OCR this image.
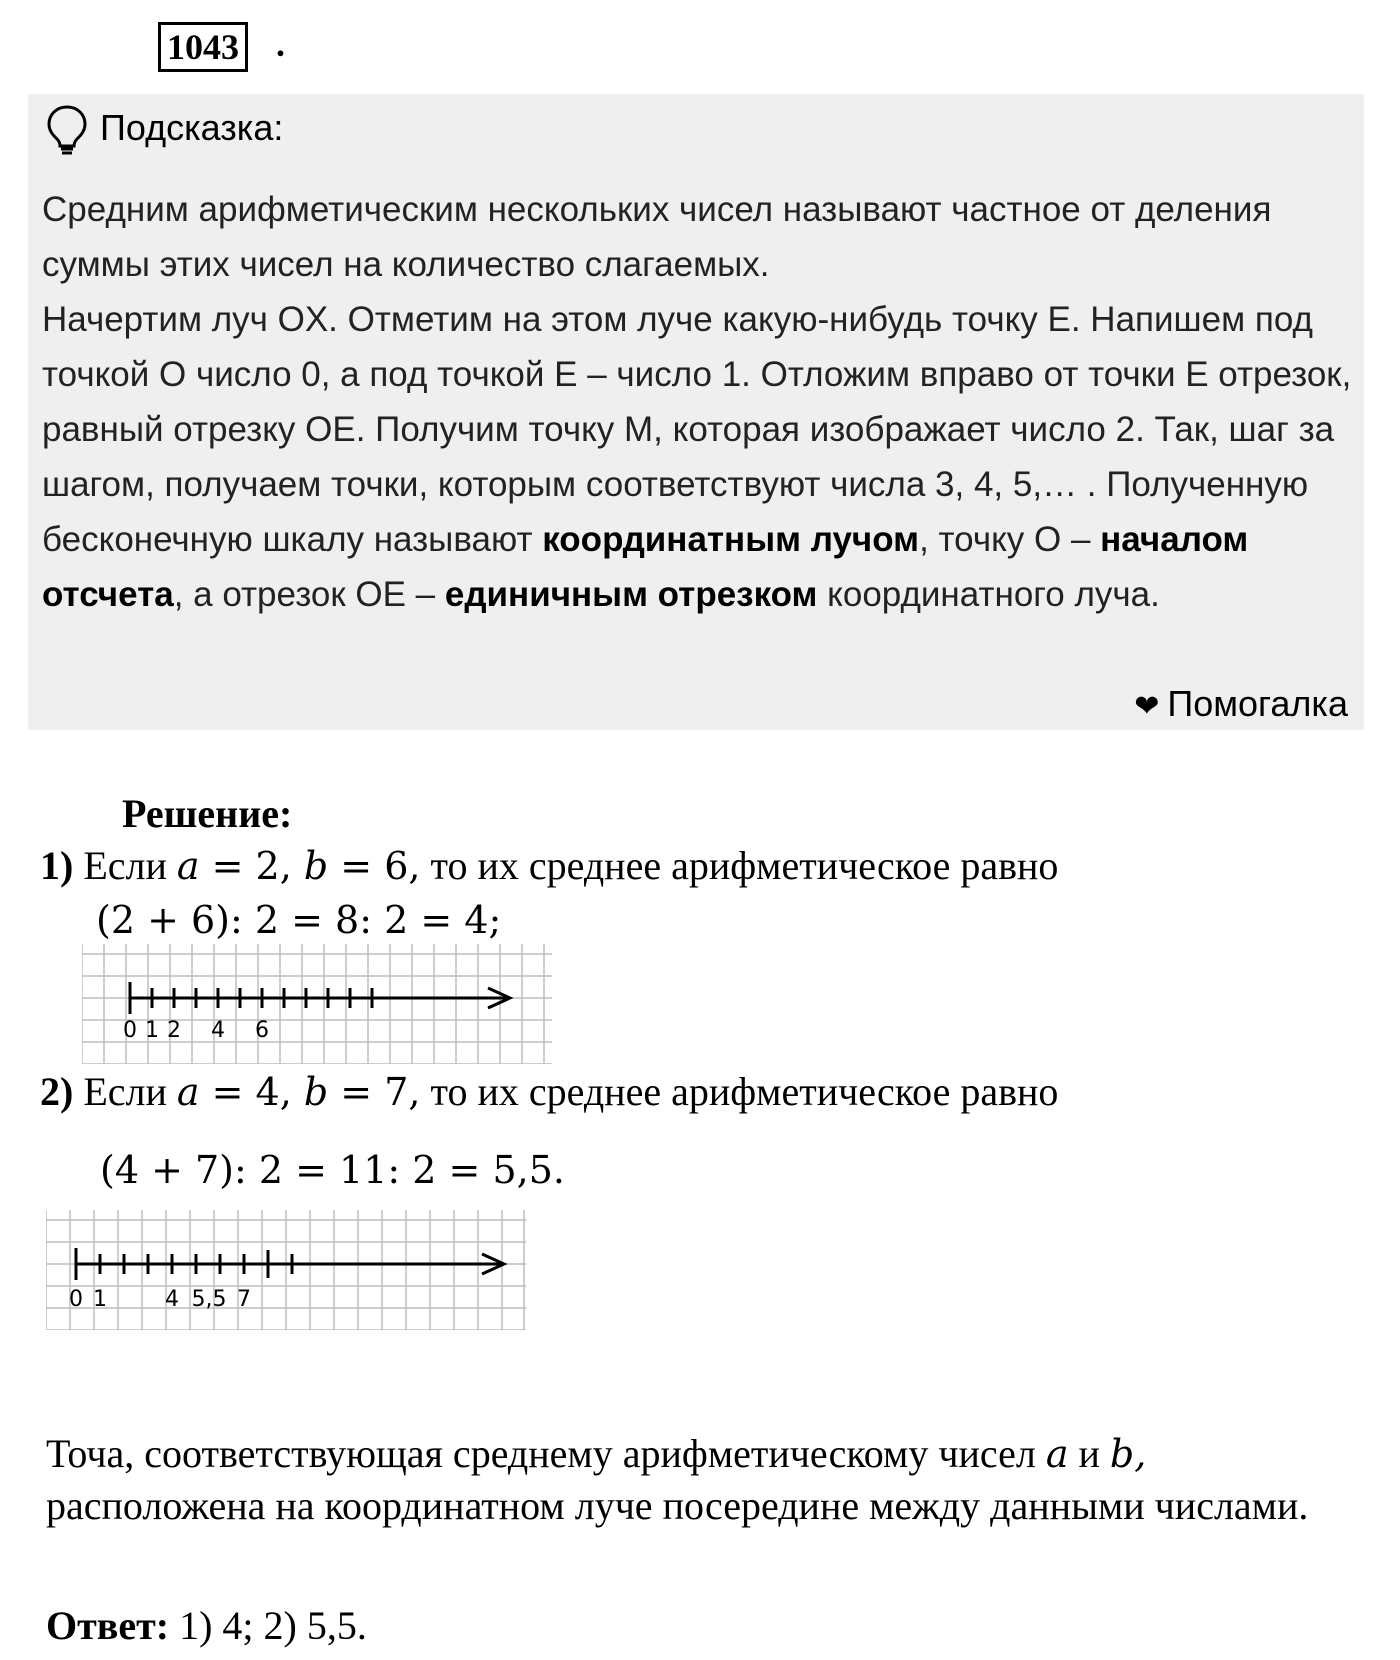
1043 .
Подсказка:

Средним арифметическим нескольких чисел называют частное от деления суммы этих чисел на количество слагаемых.

Начертим луч OX. Отметим на этом луче какую-нибудь точку E. Напишем под точкой O число 0, а под точкой E – число 1. Отложим вправо от точки E отрезок, равный отрезку OE. Получим точку M, которая изображает число 2. Так, шаг за шагом, получаем точки, которым соответствуют числа 3, 4, 5,… . Полученную бесконечную шкалу называют координатным лучом, точку O – началом отсчета, а отрезок OE – единичным отрезком координатного луча.

❤ Помогалка
Решение:
1) Если a = 2, b = 6, то их среднее арифметическое равно
(2 + 6): 2 = 8: 2 = 4;
0 1 2 4 6
2) Если a = 4, b = 7, то их среднее арифметическое равно
(4 + 7): 2 = 11: 2 = 5,5.
0 1	4 5,5 7
Точа, соответствующая среднему арифметическому чисел a и b, расположена на координатном луче посередине между данными числами.
Ответ: 1) 4; 2) 5,5.
